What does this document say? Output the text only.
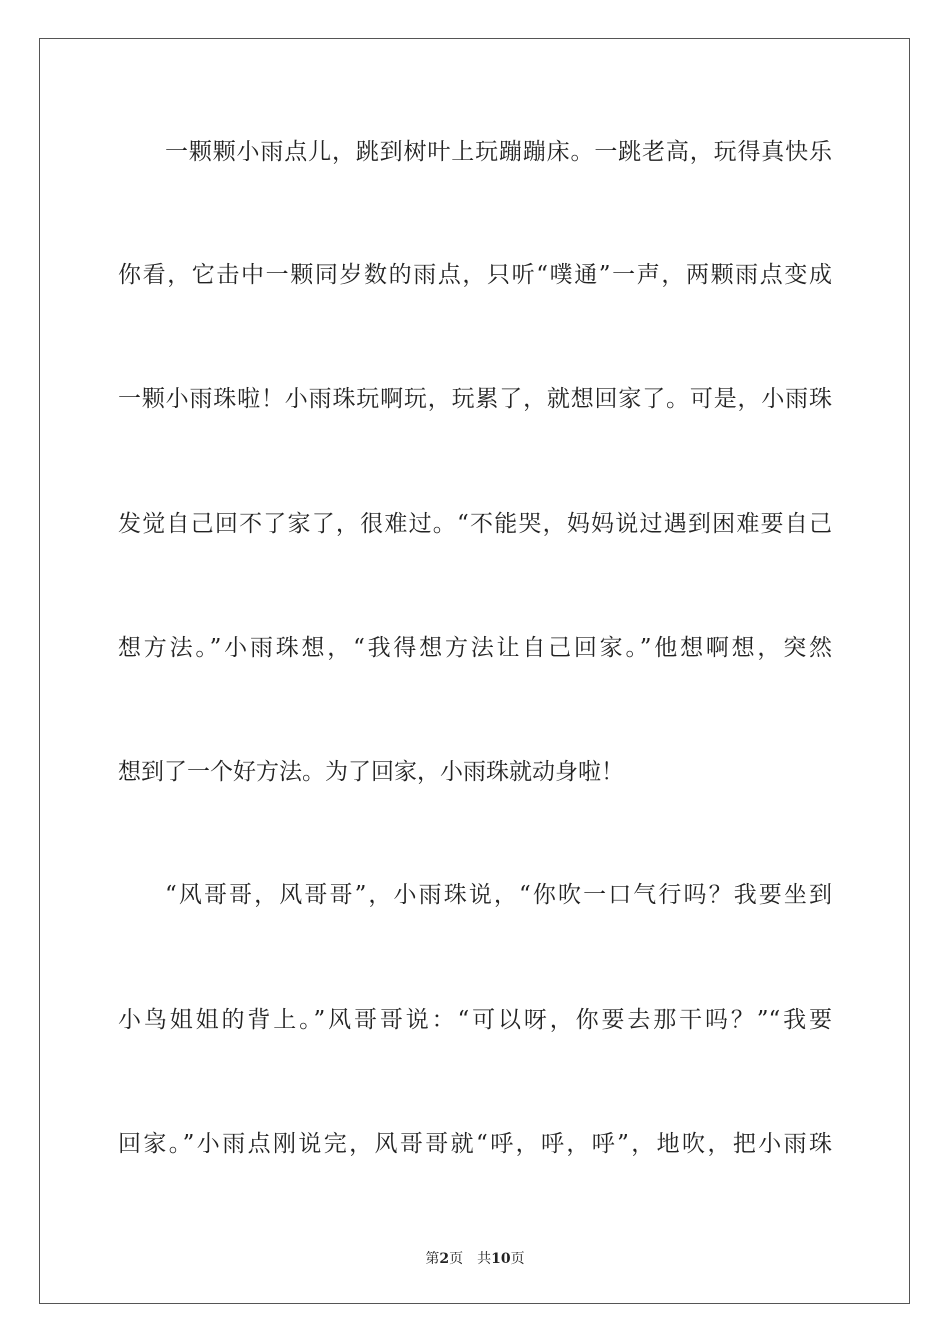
一颗颗小雨点儿，跳到树叶上玩蹦蹦床。一跳老高，玩得真快乐
你看，它击中一颗同岁数的雨点，只听“噗通”一声，两颗雨点变成
一颗小雨珠啦！小雨珠玩啊玩，玩累了，就想回家了。可是，小雨珠
发觉自己回不了家了，很难过。“不能哭，妈妈说过遇到困难要自己
想方法。”小雨珠想，“我得想方法让自己回家。”他想啊想，突然
想到了一个好方法。为了回家，小雨珠就动身啦！
“风哥哥，风哥哥”，小雨珠说，“你吹一口气行吗？我要坐到
小鸟姐姐的背上。”风哥哥说：“可以呀，你要去那干吗？”“我要
回家。”小雨点刚说完，风哥哥就“呼，呼，呼”，地吹，把小雨珠
第2页 共10页
